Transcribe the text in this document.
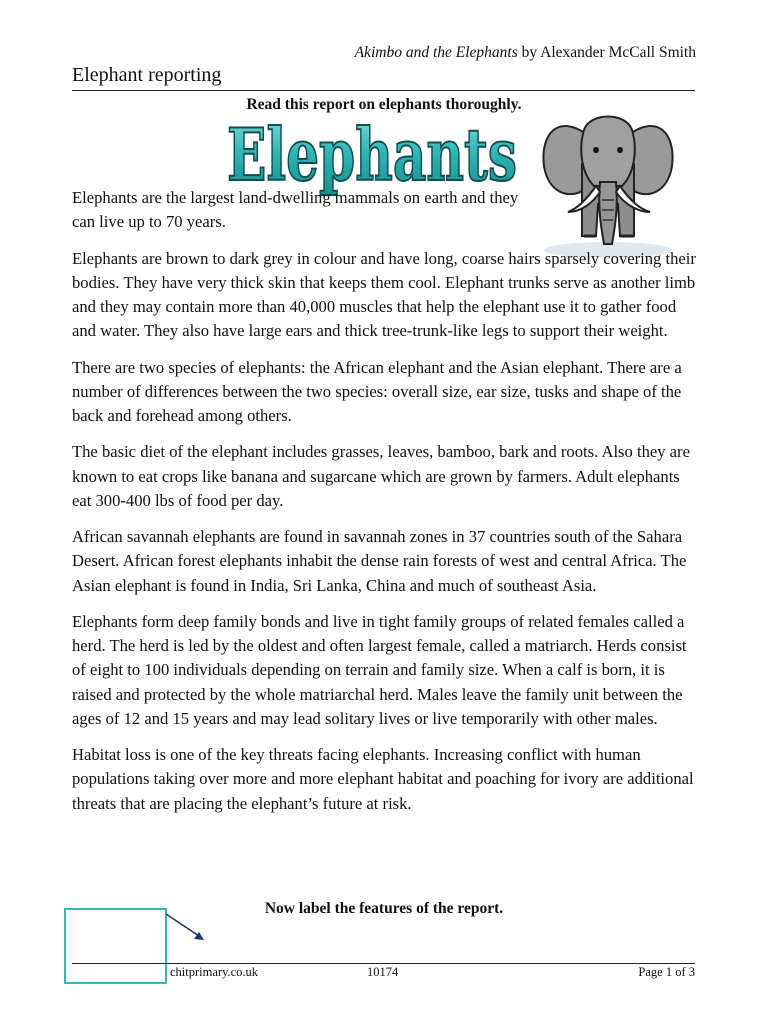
Akimbo and the Elephants by Alexander McCall Smith
Elephant reporting
Read this report on elephants thoroughly.
Elephants

Elephants are the largest land-dwelling mammals on earth and they can live up to 70 years.

Elephants are brown to dark grey in colour and have long, coarse hairs sparsely covering their bodies. They have very thick skin that keeps them cool. Elephant trunks serve as another limb and they may contain more than 40,000 muscles that help the elephant use it to gather food and water. They also have large ears and thick tree-trunk-like legs to support their weight.

There are two species of elephants: the African elephant and the Asian elephant. There are a number of differences between the two species: overall size, ear size, tusks and shape of the back and forehead among others.

The basic diet of the elephant includes grasses, leaves, bamboo, bark and roots. Also they are known to eat crops like banana and sugarcane which are grown by farmers. Adult elephants eat 300-400 lbs of food per day.

African savannah elephants are found in savannah zones in 37 countries south of the Sahara Desert. African forest elephants inhabit the dense rain forests of west and central Africa. The Asian elephant is found in India, Sri Lanka, China and much of southeast Asia.

Elephants form deep family bonds and live in tight family groups of related females called a herd. The herd is led by the oldest and often largest female, called a matriarch. Herds consist of eight to 100 individuals depending on terrain and family size. When a calf is born, it is raised and protected by the whole matriarchal herd. Males leave the family unit between the ages of 12 and 15 years and may lead solitary lives or live temporarily with other males.

Habitat loss is one of the key threats facing elephants. Increasing conflict with human populations taking over more and more elephant habitat and poaching for ivory are additional threats that are placing the elephant’s future at risk.

Now label the features of the report.
chitprimary.co.uk	10174	Page 1 of 3
